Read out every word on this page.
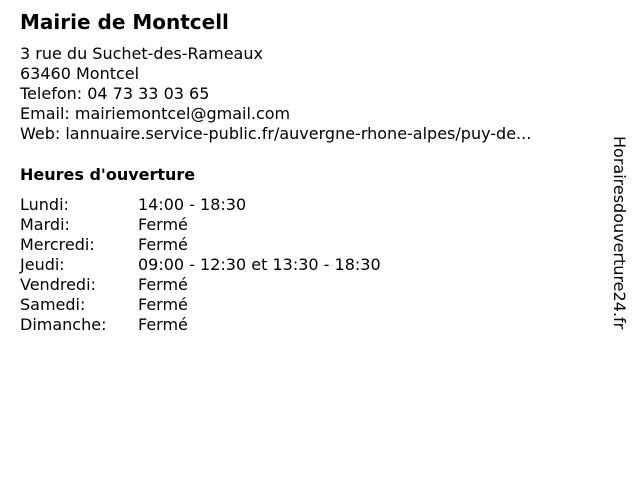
Mairie de Montcell
3 rue du Suchet-des-Rameaux
63460 Montcel
Telefon: 04 73 33 03 65
Email: mairiemontcel@gmail.com
Web: lannuaire.service-public.fr/auvergne-rhone-alpes/puy-de...
Heures d'ouverture
Lundi:	14:00 - 18:30
Mardi:	Fermé
Mercredi:	Fermé
Jeudi:	09:00 - 12:30 et 13:30 - 18:30
Vendredi:	Fermé
Samedi:	Fermé
Dimanche:	Fermé	Horairesdouverture24.fr
